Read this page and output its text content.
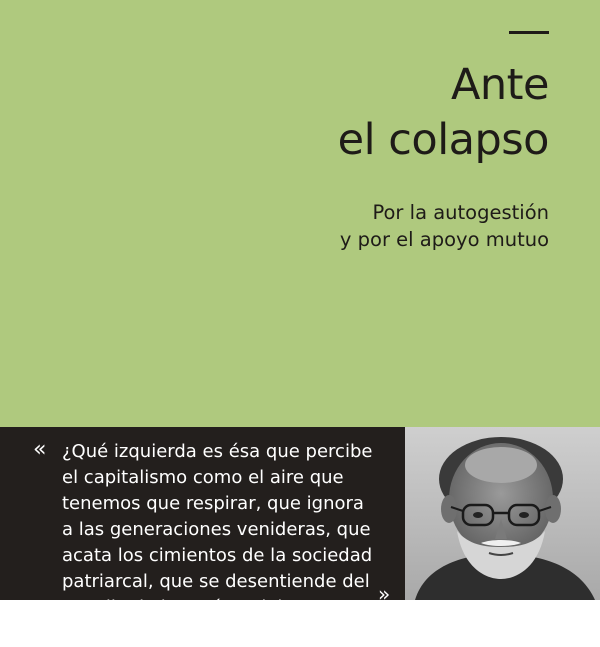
Ante
el colapso
Por la autogestión
y por el apoyo mutuo
« ¿Qué izquierda es ésa que percibe
el capitalismo como el aire que
tenemos que respirar, que ignora
a las generaciones venideras, que
acata los cimientos de la sociedad
patriarcal, que se desentiende del
expolio de los países del Sur y que
olvida los derechos de los animales?
»
